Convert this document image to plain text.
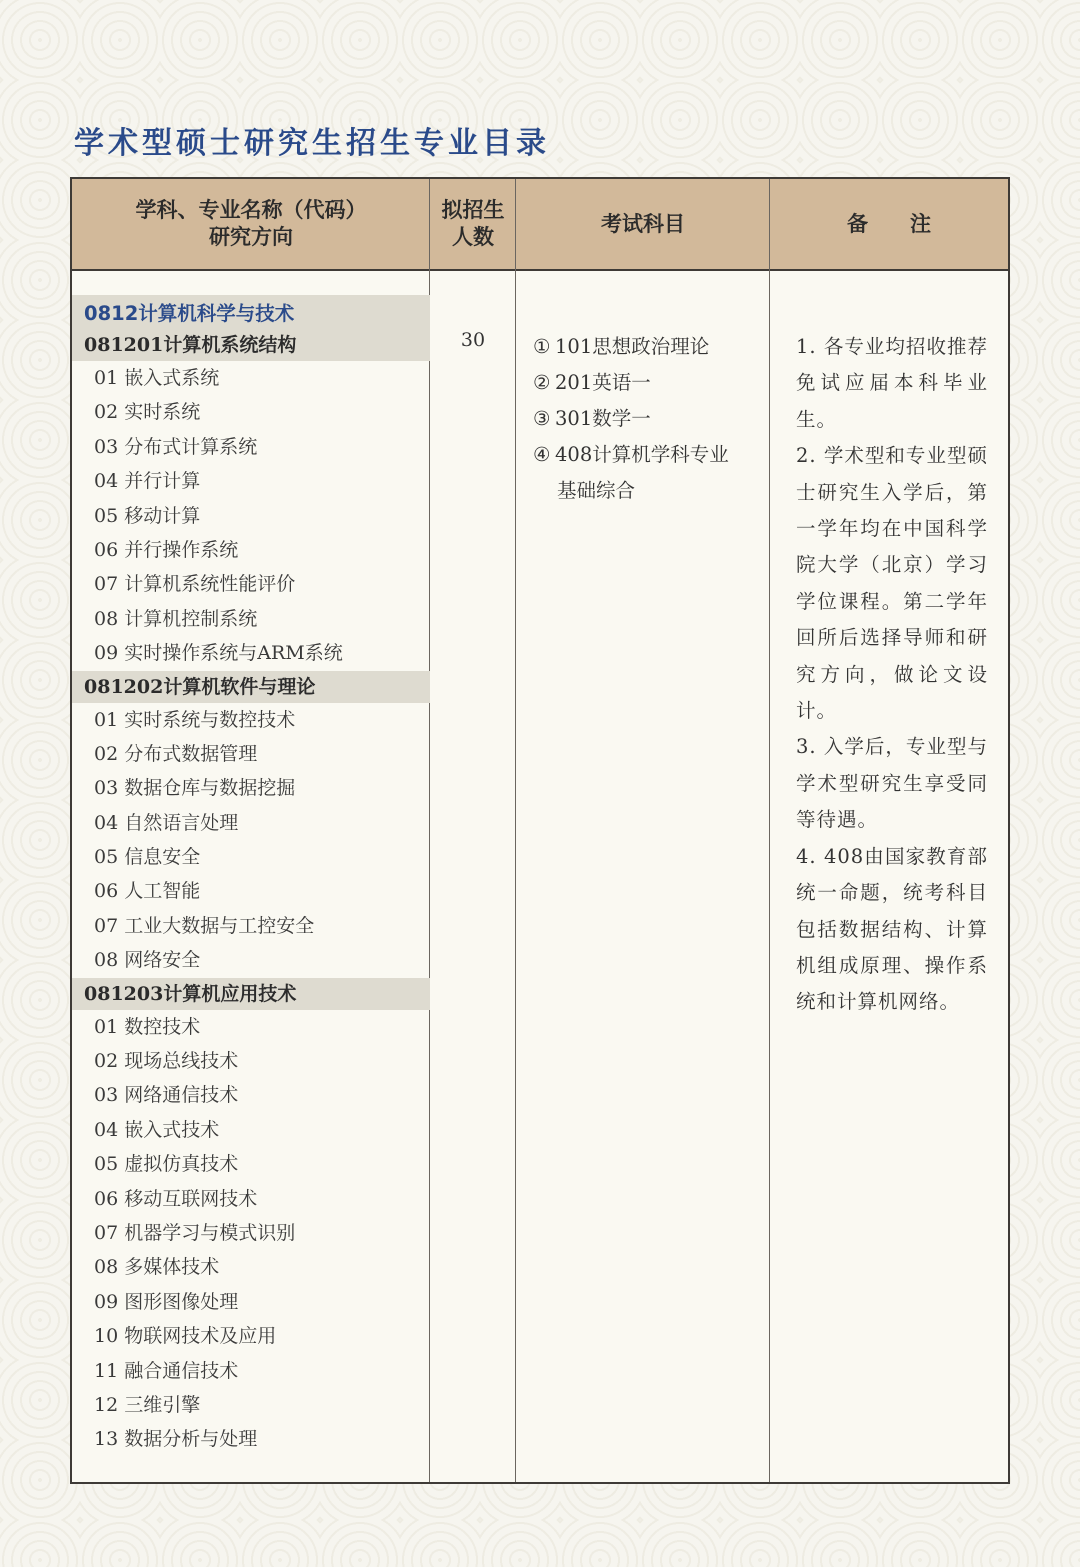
学术型硕士研究生招生专业目录
学科、专业名称（代码）
研究方向
拟招生
人数
考试科目	备　　注
0812计算机科学与技术
081201计算机系统结构
01 嵌入式系统
02 实时系统
03 分布式计算系统
04 并行计算
05 移动计算
06 并行操作系统
07 计算机系统性能评价
08 计算机控制系统
09 实时操作系统与ARM系统
081202计算机软件与理论
01 实时系统与数控技术
02 分布式数据管理
03 数据仓库与数据挖掘
04 自然语言处理
05 信息安全
06 人工智能
07 工业大数据与工控安全
08 网络安全
081203计算机应用技术
01 数控技术
02 现场总线技术
03 网络通信技术
04 嵌入式技术
05 虚拟仿真技术
06 移动互联网技术
07 机器学习与模式识别
08 多媒体技术
09 图形图像处理
10 物联网技术及应用
11 融合通信技术
12 三维引擎
13 数据分析与处理
30	① 101思想政治理论
② 201英语一
③ 301数学一
④ 408计算机学科专业
基础综合
1. 各专业均招收推荐免试应届本科毕业生。
2. 学术型和专业型硕士研究生入学后，第一学年均在中国科学院大学（北京）学习学位课程。第二学年回所后选择导师和研究方向，做论文设计。
3. 入学后，专业型与学术型研究生享受同等待遇。
4. 408由国家教育部统一命题，统考科目包括数据结构、计算机组成原理、操作系统和计算机网络。
